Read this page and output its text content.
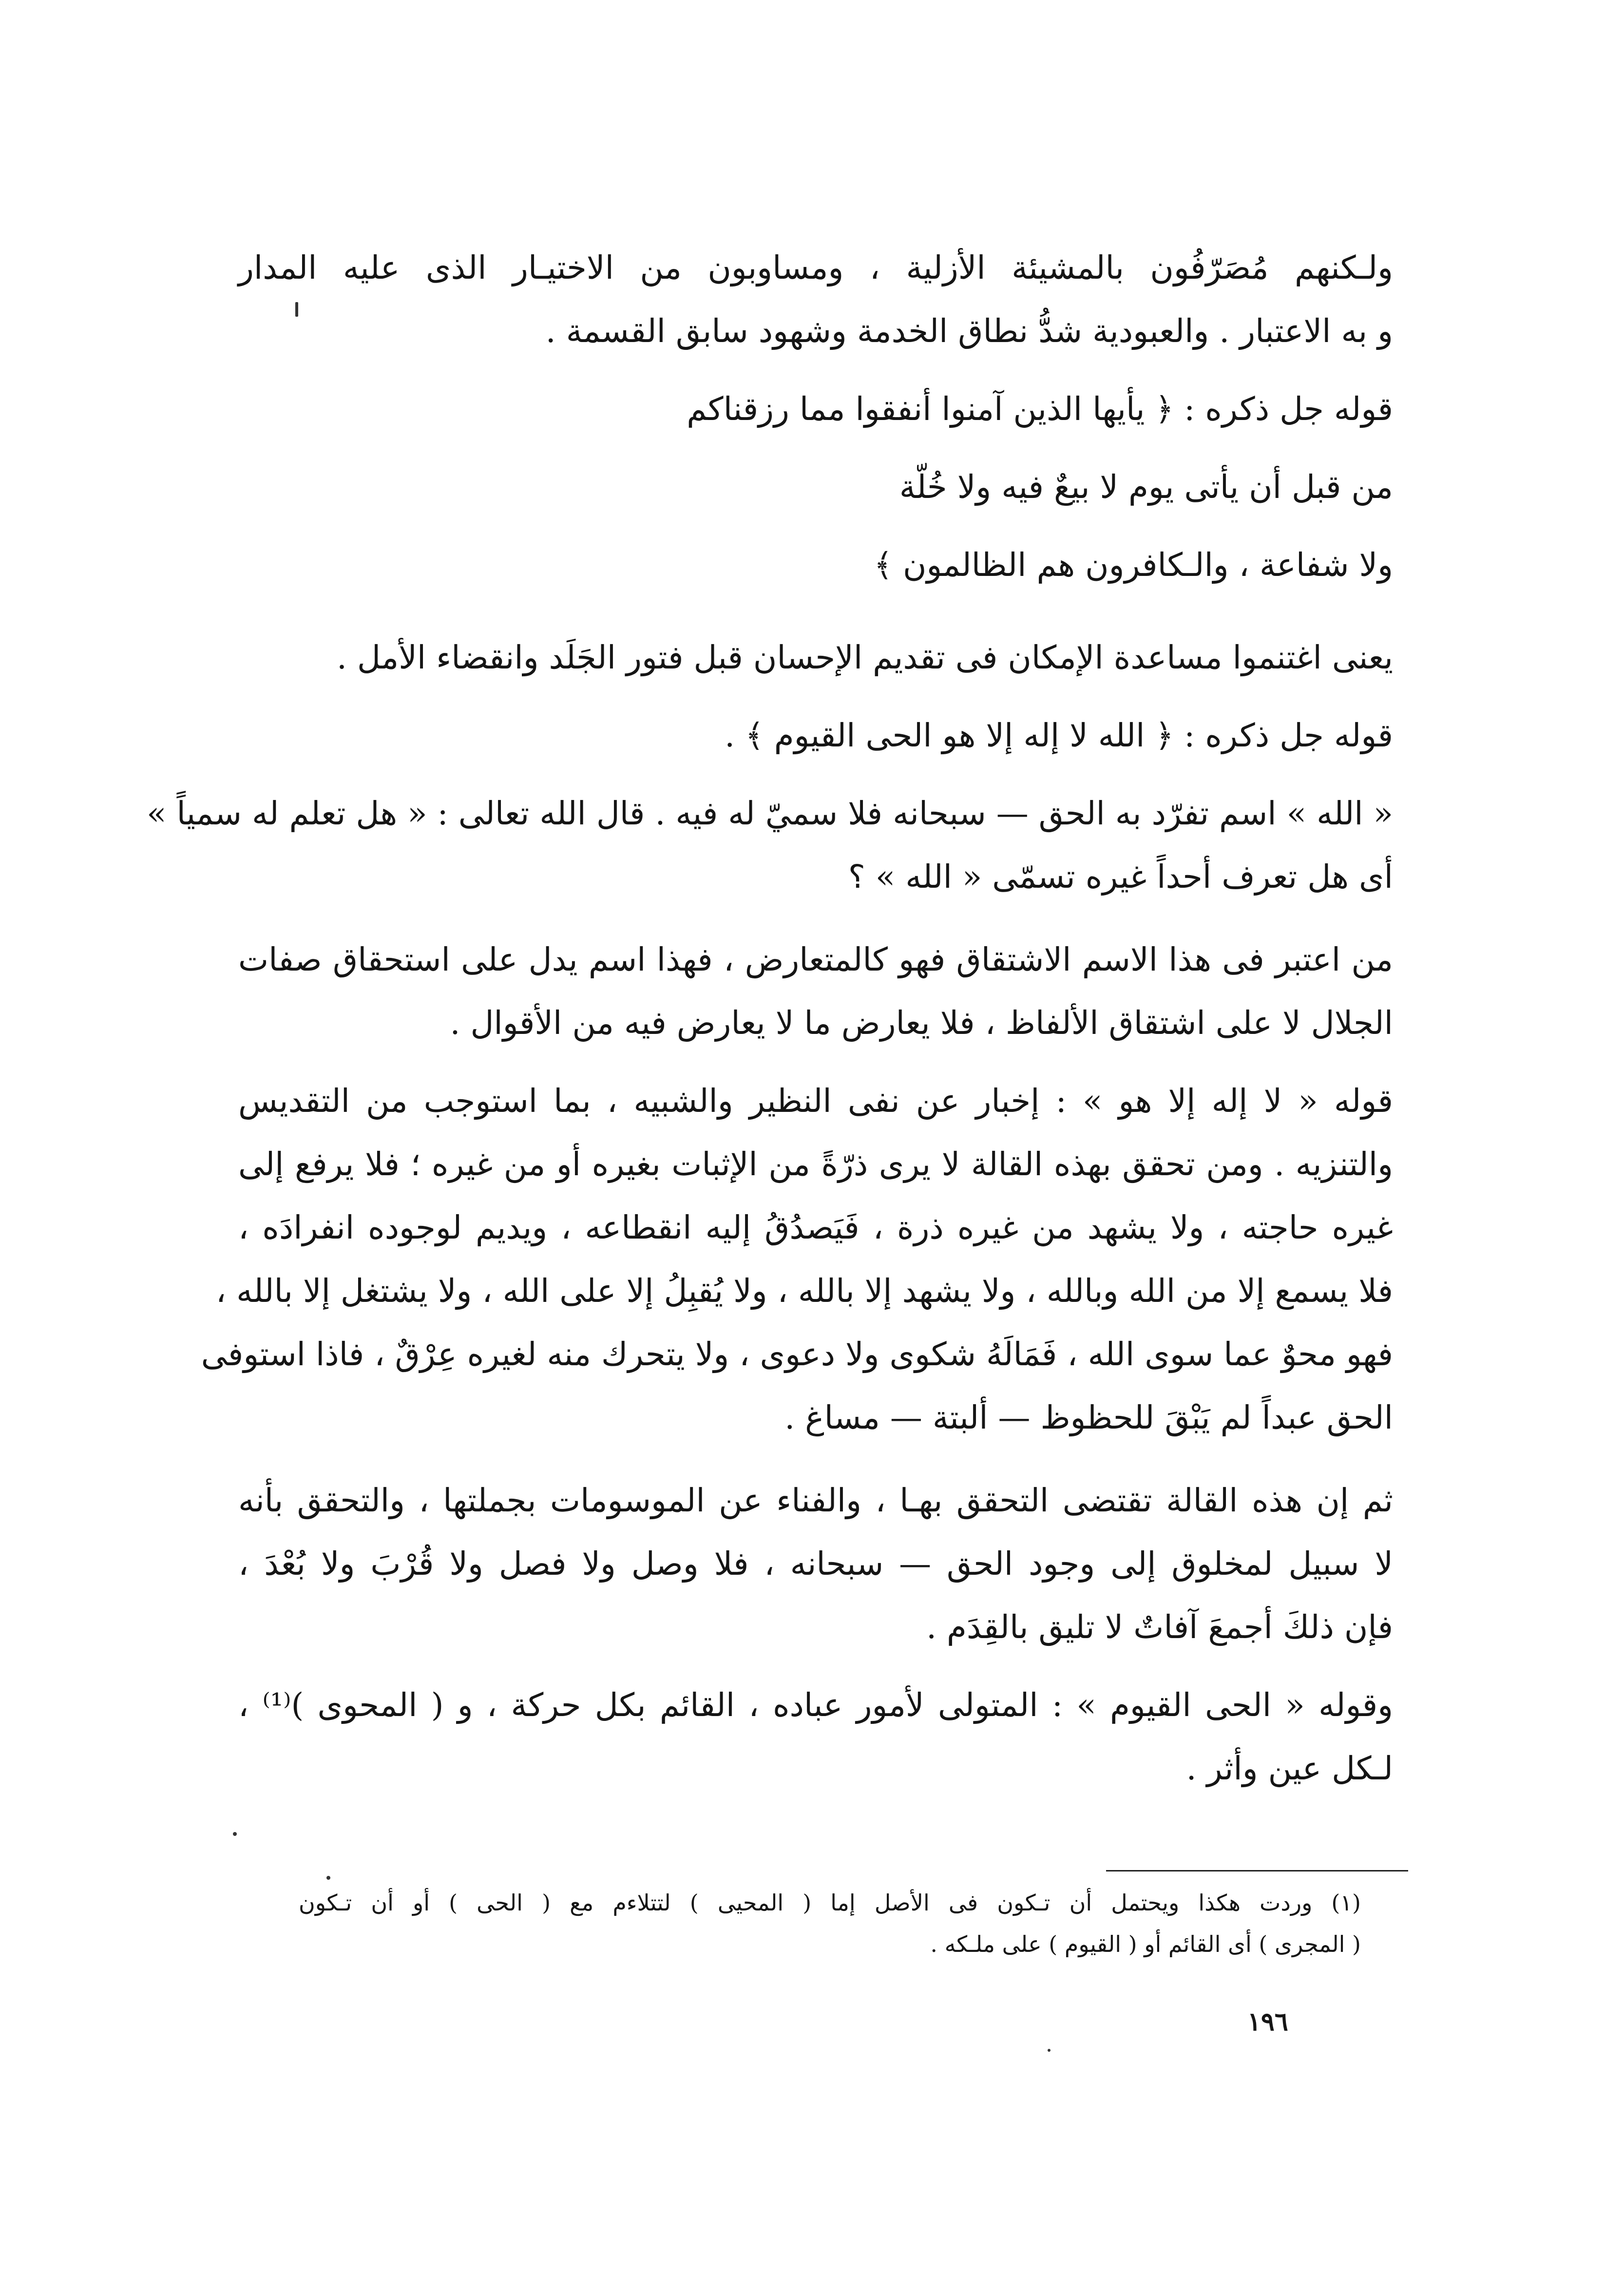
ولـكنهم مُصَرّفُون بالمشيئة الأزلية ، ومساوبون من الاختيـار الذى عليه المدار
و به الاعتبار . والعبودية شدُّ نطاق الخدمة وشهود سابق القسمة .
قوله جل ذكره : ﴿ يأيها الذين آمنوا أنفقوا مما رزقناكم
من قبل أن يأتى يوم لا بيعٌ فيه ولا خُلّة
ولا شفاعة ، والـكافرون هم الظالمون ﴾
يعنى اغتنموا مساعدة الإمكان فى تقديم الإحسان قبل فتور الجَلَد وانقضاء الأمل .
قوله جل ذكره : ﴿ الله لا إله إلا هو الحى القيوم ﴾ .
« الله » اسم تفرّد به الحق — سبحانه فلا سميّ له فيه . قال الله تعالى : « هل تعلم له سمياً »
أى هل تعرف أحداً غيره تسمّى « الله » ؟
من اعتبر فى هذا الاسم الاشتقاق فهو كالمتعارض ، فهذا اسم يدل على استحقاق صفات
الجلال لا على اشتقاق الألفاظ ، فلا يعارض ما لا يعارض فيه من الأقوال .
قوله « لا إله إلا هو » : إخبار عن نفى النظير والشبيه ، بما استوجب من التقديس
والتنزيه . ومن تحقق بهذه القالة لا يرى ذرّةً من الإثبات بغيره أو من غيره ؛ فلا يرفع إلى
غيره حاجته ، ولا يشهد من غيره ذرة ، فَيَصدُقُ إليه انقطاعه ، ويديم لوجوده انفرادَه ،
فلا يسمع إلا من الله وبالله ، ولا يشهد إلا بالله ، ولا يُقبِلُ إلا على الله ، ولا يشتغل إلا بالله ،
فهو محوٌ عما سوى الله ، فَمَالَهُ شكوى ولا دعوى ، ولا يتحرك منه لغيره عِرْقٌ ، فاذا استوفى
الحق عبداً لم يَبْقَ للحظوظ — ألبتة — مساغ .
ثم إن هذه القالة تقتضى التحقق بهـا ، والفناء عن الموسومات بجملتها ، والتحقق بأنه
لا سبيل لمخلوق إلى وجود الحق — سبحانه ، فلا وصل ولا فصل ولا قُرْبَ ولا بُعْدَ ،
فإن ذلكَ أجمعَ آفاتٌ لا تليق بالقِدَم .
وقوله « الحى القيوم » : المتولى لأمور عباده ، القائم بكل حركة ، و ( المحوى )⁽¹⁾ ،
لـكل عين وأثر .
(١) وردت هكذا ويحتمل أن تـكون فى الأصل إما ( المحيى ) لتتلاءم مع ( الحى ) أو أن تـكون
( المجرى ) أى القائم أو ( القيوم ) على ملـكه .
١٩٦
